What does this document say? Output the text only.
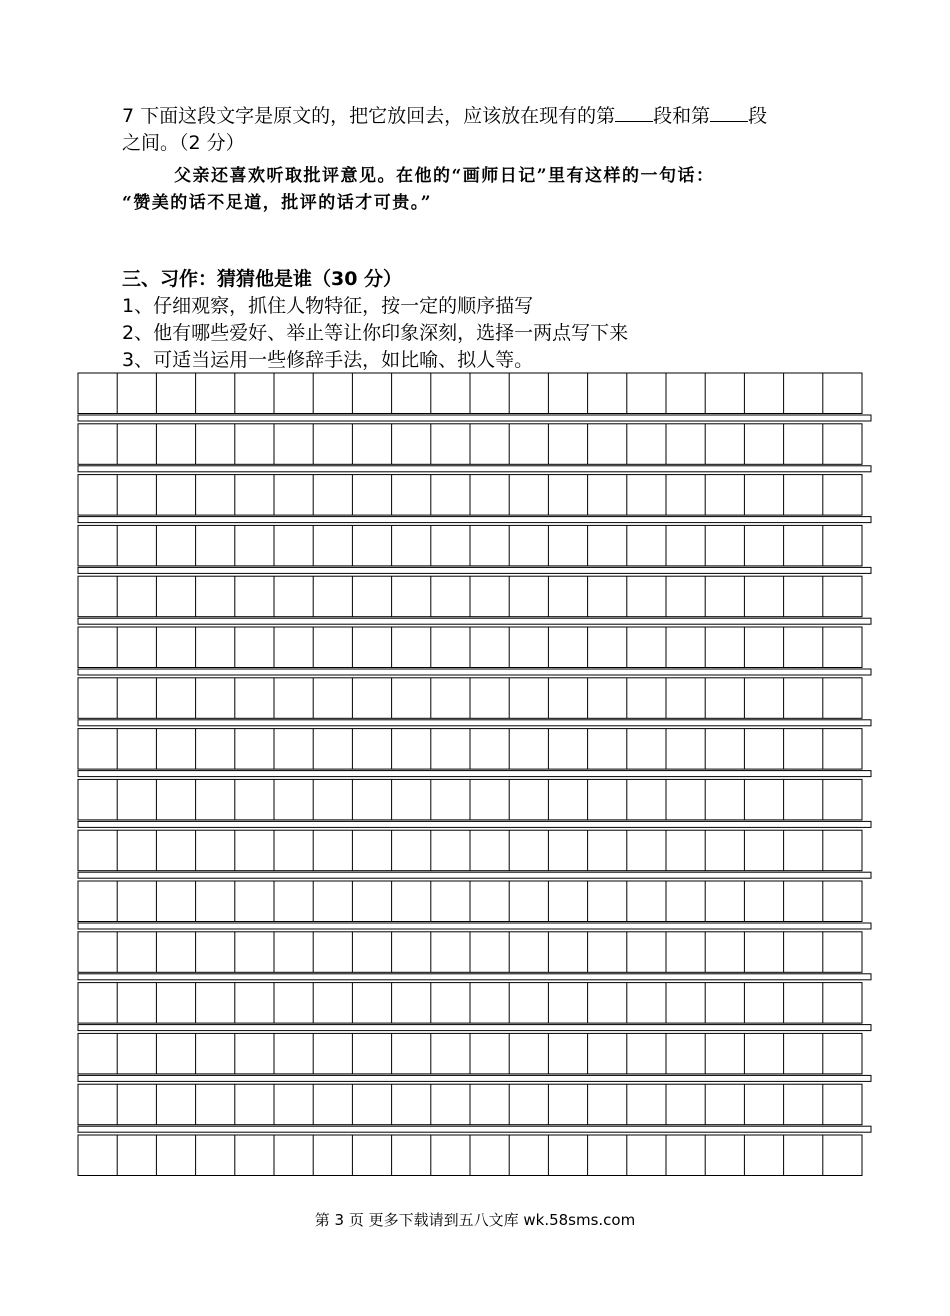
7 下面这段文字是原文的，把它放回去，应该放在现有的第 段和第 段
之间。（2 分）

父亲还喜欢听取批评意见。在他的“画师日记”里有这样的一句话：

“赞美的话不足道，批评的话才可贵。”

三、习作：猜猜他是谁（30 分）
1、仔细观察，抓住人物特征，按一定的顺序描写
2、他有哪些爱好、举止等让你印象深刻，选择一两点写下来
3、可适当运用一些修辞手法，如比喻、拟人等。
第 3 页 更多下载请到五八文库 wk.58sms.com
